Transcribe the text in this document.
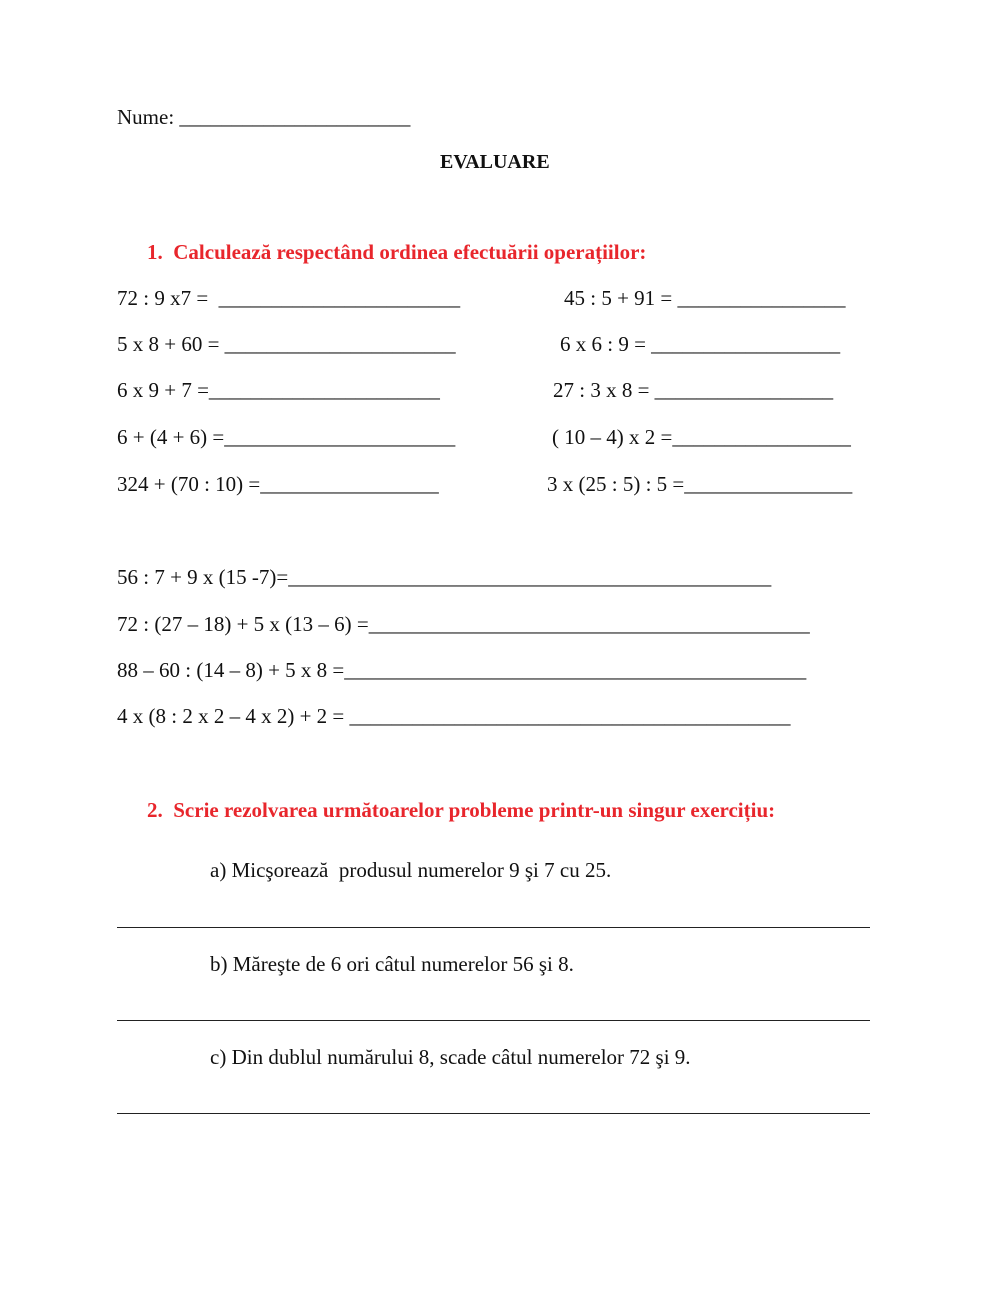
Nume: ______________________
EVALUARE
1.  Calculează respectând ordinea efectuării operațiilor:
72 : 9 x7 =  _______________________
5 x 8 + 60 = ______________________
6 x 9 + 7 =______________________
6 + (4 + 6) =______________________
324 + (70 : 10) =_________________
45 : 5 + 91 = ________________
6 x 6 : 9 = __________________
27 : 3 x 8 = _________________
( 10 – 4) x 2 =_________________
3 x (25 : 5) : 5 =________________
56 : 7 + 9 x (15 -7)=______________________________________________
72 : (27 – 18) + 5 x (13 – 6) =__________________________________________
88 – 60 : (14 – 8) + 5 x 8 =____________________________________________
4 x (8 : 2 x 2 – 4 x 2) + 2 = __________________________________________
2.  Scrie rezolvarea următoarelor probleme printr-un singur exercițiu:
a) Micşorează  produsul numerelor 9 şi 7 cu 25.
b) Măreşte de 6 ori câtul numerelor 56 şi 8.
c) Din dublul numărului 8, scade câtul numerelor 72 şi 9.
